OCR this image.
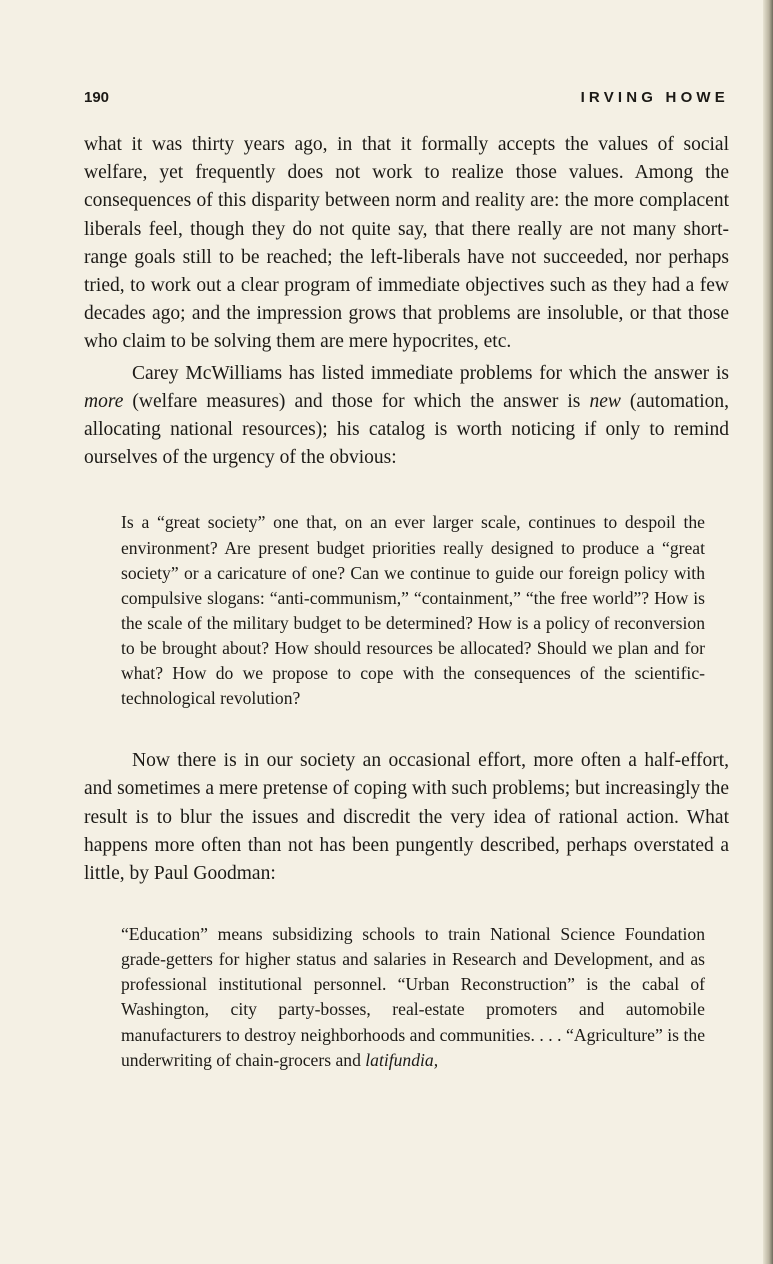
190	IRVING HOWE

what it was thirty years ago, in that it formally accepts the values of social welfare, yet frequently does not work to realize those values. Among the consequences of this disparity between norm and reality are: the more complacent liberals feel, though they do not quite say, that there really are not many short-range goals still to be reached; the left-liberals have not succeeded, nor perhaps tried, to work out a clear program of immediate objectives such as they had a few decades ago; and the impression grows that problems are insoluble, or that those who claim to be solving them are mere hypocrites, etc.

Carey McWilliams has listed immediate problems for which the answer is more (welfare measures) and those for which the answer is new (automation, allocating national resources); his catalog is worth noticing if only to remind ourselves of the urgency of the obvious:

Is a “great society” one that, on an ever larger scale, continues to despoil the environment? Are present budget priorities really designed to produce a “great society” or a caricature of one? Can we continue to guide our foreign policy with compulsive slogans: “anti-communism,” “containment,” “the free world”? How is the scale of the military budget to be determined? How is a policy of reconversion to be brought about? How should resources be allocated? Should we plan and for what? How do we propose to cope with the consequences of the scientific-technological revolution?

Now there is in our society an occasional effort, more often a half-effort, and sometimes a mere pretense of coping with such problems; but increasingly the result is to blur the issues and discredit the very idea of rational action. What happens more often than not has been pungently described, perhaps overstated a little, by Paul Goodman:

“Education” means subsidizing schools to train National Science Foundation grade-getters for higher status and salaries in Research and Development, and as professional institutional personnel. “Urban Reconstruction” is the cabal of Washington, city party-bosses, real-estate promoters and automobile manufacturers to destroy neighborhoods and communities. . . . “Agriculture” is the underwriting of chain-grocers and latifundia,
